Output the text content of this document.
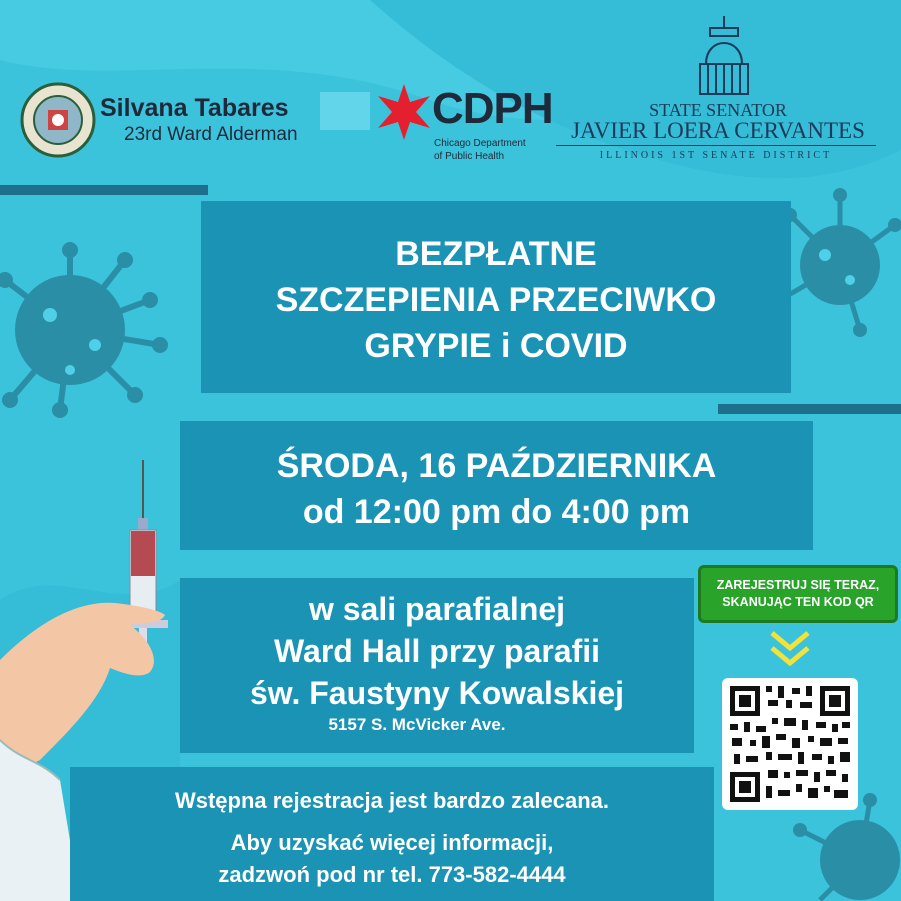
Silvana Tabares
23rd Ward Alderman
CDPH
Chicago Department
of Public Health
STATE SENATOR
JAVIER LOERA CERVANTES
ILLINOIS 1ST SENATE DISTRICT
BEZPŁATNE
SZCZEPIENIA PRZECIWKO
GRYPIE i COVID
ŚRODA, 16 PAŹDZIERNIKA
od 12:00 pm do 4:00 pm
w sali parafialnej
Ward Hall przy parafii
św. Faustyny Kowalskiej
5157 S. McVicker Ave.
Wstępna rejestracja jest bardzo zalecana.
Aby uzyskać więcej informacji,
zadzwoń pod nr tel. 773-582-4444
ZAREJESTRUJ SIĘ TERAZ,
SKANUJĄC TEN KOD QR
